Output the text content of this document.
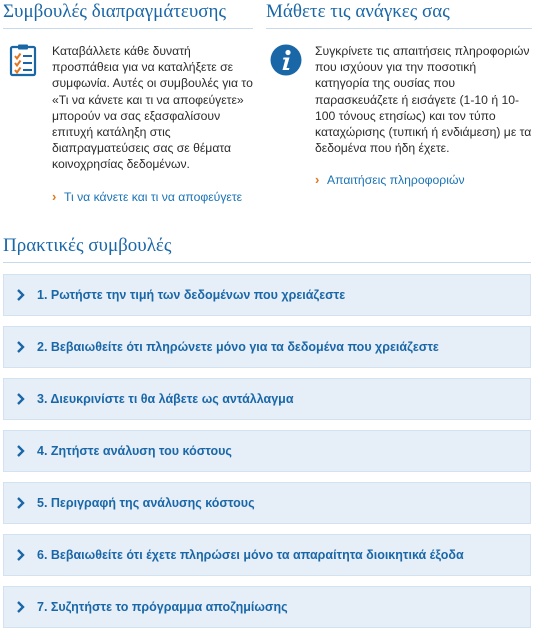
Συμβουλές διαπραγμάτευσης
Καταβάλλετε κάθε δυνατή προσπάθεια για να καταλήξετε σε συμφωνία. Αυτές οι συμβουλές για το «Τι να κάνετε και τι να αποφεύγετε» μπορούν να σας εξασφαλίσουν επιτυχή κατάληξη στις διαπραγματεύσεις σας σε θέματα κοινοχρησίας δεδομένων.
› Τι να κάνετε και τι να αποφεύγετε
Μάθετε τις ανάγκες σας
Συγκρίνετε τις απαιτήσεις πληροφοριών που ισχύουν για την ποσοτική κατηγορία της ουσίας που παρασκευάζετε ή εισάγετε (1-10 ή 10-100 τόνους ετησίως) και τον τύπο καταχώρισης (τυπική ή ενδιάμεση) με τα δεδομένα που ήδη έχετε.
› Απαιτήσεις πληροφοριών
Πρακτικές συμβουλές
1. Ρωτήστε την τιμή των δεδομένων που χρειάζεστε
2. Βεβαιωθείτε ότι πληρώνετε μόνο για τα δεδομένα που χρειάζεστε
3. Διευκρινίστε τι θα λάβετε ως αντάλλαγμα
4. Ζητήστε ανάλυση του κόστους
5. Περιγραφή της ανάλυσης κόστους
6. Βεβαιωθείτε ότι έχετε πληρώσει μόνο τα απαραίτητα διοικητικά έξοδα
7. Συζητήστε το πρόγραμμα αποζημίωσης
